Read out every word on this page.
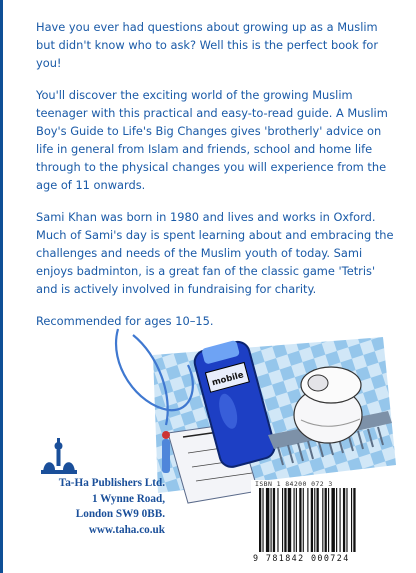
Have you ever had questions about growing up as a Muslim but didn't know who to ask? Well this is the perfect book for you!

You'll discover the exciting world of the growing Muslim teenager with this practical and easy-to-read guide. A Muslim Boy's Guide to Life's Big Changes gives 'brotherly' advice on life in general from Islam and friends, school and home life through to the physical changes you will experience from the age of 11 onwards.

Sami Khan was born in 1980 and lives and works in Oxford. Much of Sami's day is spent learning about and embracing the challenges and needs of the Muslim youth of today. Sami enjoys badminton, is a great fan of the classic game 'Tetris' and is actively involved in fundraising for charity.

Recommended for ages 10–15.

mobile
Ta-Ha Publishers Ltd.
1 Wynne Road,
London SW9 0BB.
www.taha.co.uk
ISBN 1 84200 072 3
9 781842 000724
